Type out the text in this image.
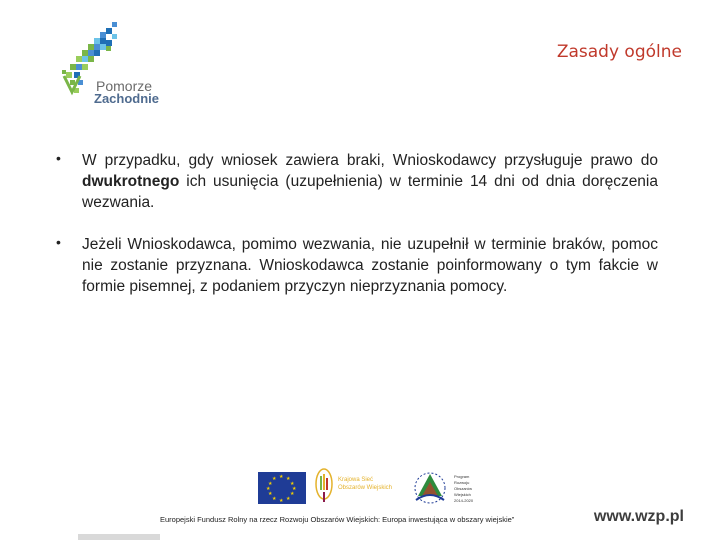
Pomorze
Zachodnie
Zasady ogólne
• W przypadku, gdy wniosek zawiera braki, Wnioskodawcy przysługuje prawo do dwukrotnego ich usunięcia (uzupełnienia) w terminie 14 dni od dnia doręczenia wezwania.
• Jeżeli Wnioskodawca, pomimo wezwania, nie uzupełnił w terminie braków, pomoc nie zostanie przyznana. Wnioskodawca zostanie poinformowany o tym fakcie w formie pisemnej, z podaniem przyczyn nieprzyznania pomocy.
★ ★
★
★
★
★
★
★
★
★
★
★	Krajowa Sieć Obszarów Wiejskich
Program Rozwoju Obszarów Wiejskich 2014-2020
Europejski Fundusz Rolny na rzecz Rozwoju Obszarów Wiejskich: Europa inwestująca w obszary wiejskie”	www.wzp.pl
